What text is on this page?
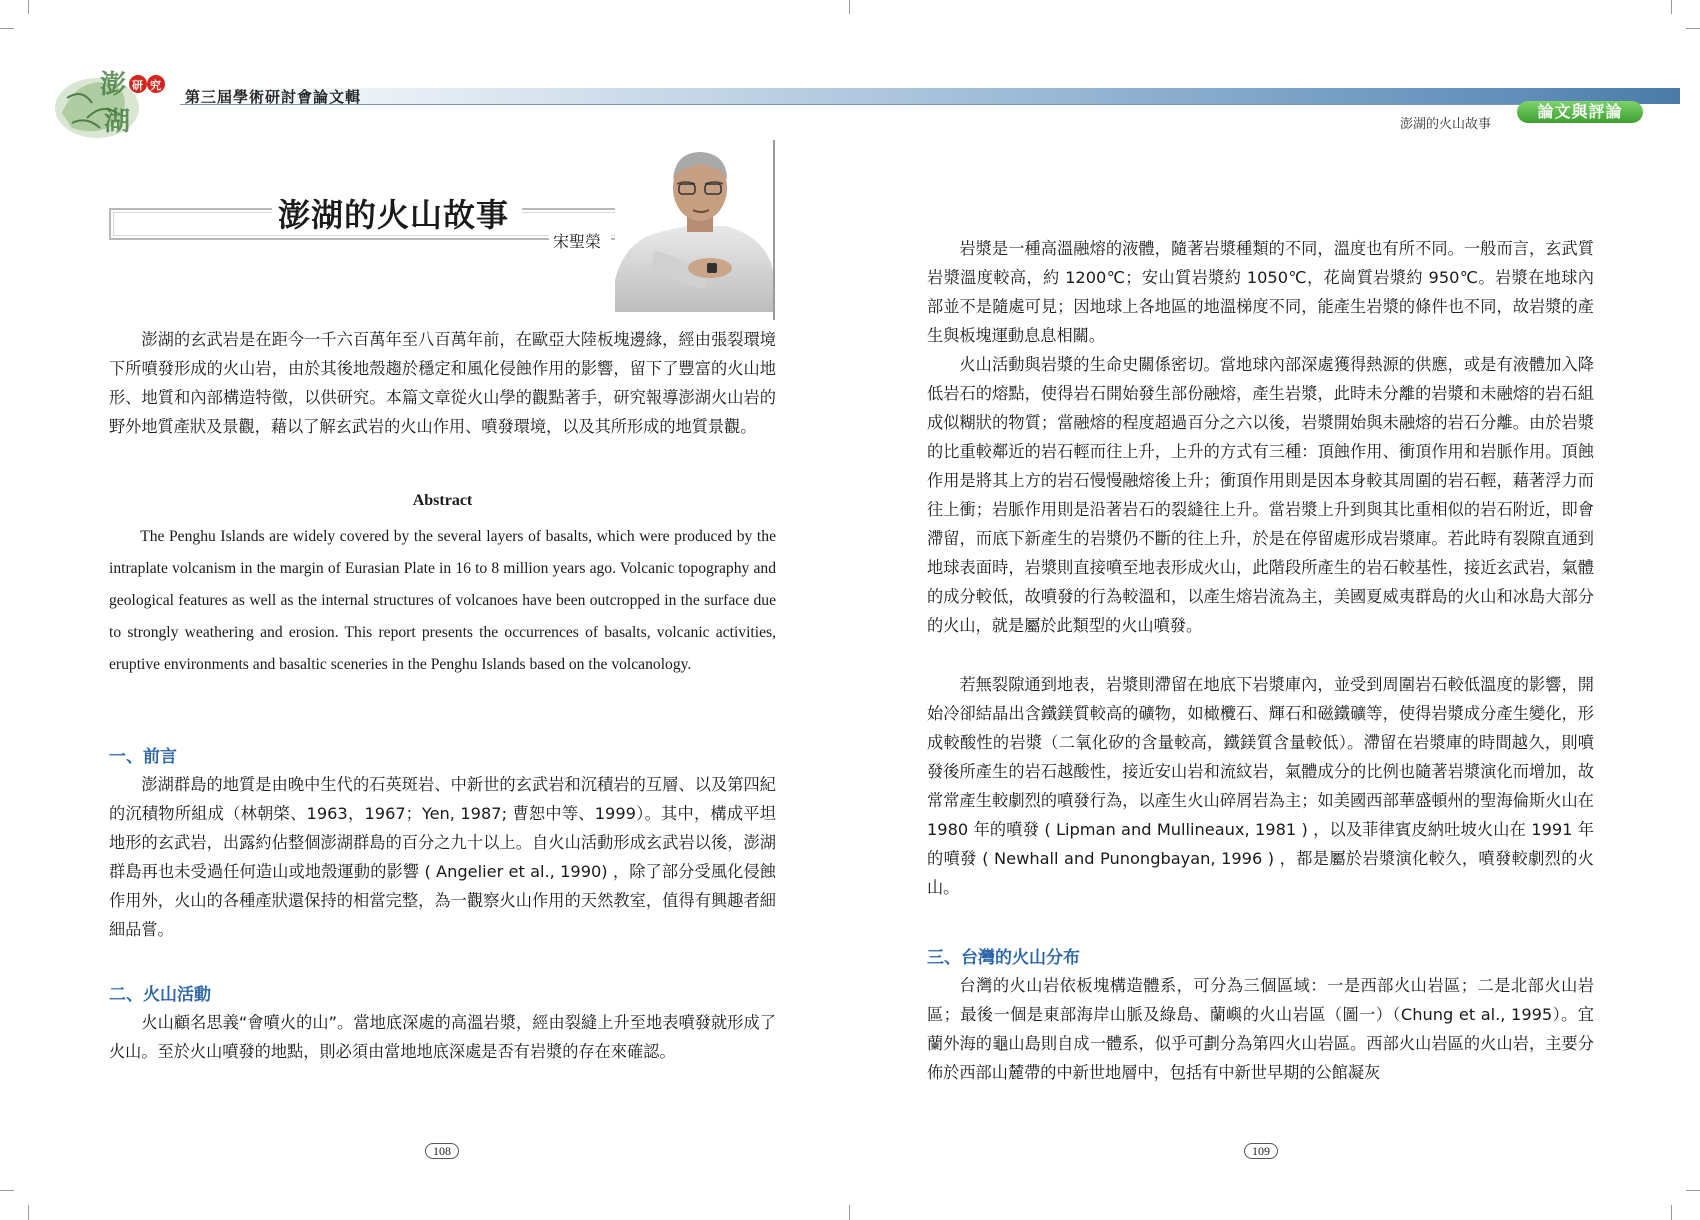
澎
湖
研 究
第三屆學術研討會論文輯
澎湖的火山故事
論文與評論
澎湖的火山故事
宋聖榮
澎湖的玄武岩是在距今一千六百萬年至八百萬年前，在歐亞大陸板塊邊緣，經由張裂環境下所噴發形成的火山岩，由於其後地殼趨於穩定和風化侵蝕作用的影響，留下了豐富的火山地形、地質和內部構造特徵，以供研究。本篇文章從火山學的觀點著手，研究報導澎湖火山岩的野外地質產狀及景觀，藉以了解玄武岩的火山作用、噴發環境，以及其所形成的地質景觀。
Abstract
The Penghu Islands are widely covered by the several layers of basalts, which were produced by the intraplate volcanism in the margin of Eurasian Plate in 16 to 8 million years ago. Volcanic topography and geological features as well as the internal structures of volcanoes have been outcropped in the surface due to strongly weathering and erosion. This report presents the occurrences of basalts, volcanic activities, eruptive environments and basaltic sceneries in the Penghu Islands based on the volcanology.
一、前言
澎湖群島的地質是由晚中生代的石英斑岩、中新世的玄武岩和沉積岩的互層、以及第四紀的沉積物所組成（林朝棨、1963，1967；Yen, 1987; 曹恕中等、1999）。其中，構成平坦地形的玄武岩，出露約佔整個澎湖群島的百分之九十以上。自火山活動形成玄武岩以後，澎湖群島再也未受過任何造山或地殼運動的影響 ( Angelier et al., 1990) ，除了部分受風化侵蝕作用外，火山的各種產狀還保持的相當完整，為一觀察火山作用的天然教室，值得有興趣者細細品嘗。
二、火山活動
火山顧名思義“會噴火的山”。當地底深處的高溫岩漿，經由裂縫上升至地表噴發就形成了火山。至於火山噴發的地點，則必須由當地地底深處是否有岩漿的存在來確認。
岩漿是一種高溫融熔的液體，隨著岩漿種類的不同，溫度也有所不同。一般而言，玄武質岩漿溫度較高，約 1200℃；安山質岩漿約 1050℃，花崗質岩漿約 950℃。岩漿在地球內部並不是隨處可見；因地球上各地區的地溫梯度不同，能產生岩漿的條件也不同，故岩漿的產生與板塊運動息息相關。
火山活動與岩漿的生命史關係密切。當地球內部深處獲得熱源的供應，或是有液體加入降低岩石的熔點，使得岩石開始發生部份融熔，產生岩漿，此時未分離的岩漿和未融熔的岩石組成似糊狀的物質；當融熔的程度超過百分之六以後，岩漿開始與未融熔的岩石分離。由於岩漿的比重較鄰近的岩石輕而往上升，上升的方式有三種：頂蝕作用、衝頂作用和岩脈作用。頂蝕作用是將其上方的岩石慢慢融熔後上升；衝頂作用則是因本身較其周圍的岩石輕，藉著浮力而往上衝；岩脈作用則是沿著岩石的裂縫往上升。當岩漿上升到與其比重相似的岩石附近，即會滯留，而底下新產生的岩漿仍不斷的往上升，於是在停留處形成岩漿庫。若此時有裂隙直通到地球表面時，岩漿則直接噴至地表形成火山，此階段所產生的岩石較基性，接近玄武岩，氣體的成分較低，故噴發的行為較溫和，以產生熔岩流為主，美國夏威夷群島的火山和冰島大部分的火山，就是屬於此類型的火山噴發。
若無裂隙通到地表，岩漿則滯留在地底下岩漿庫內，並受到周圍岩石較低溫度的影響，開始冷卻結晶出含鐵鎂質較高的礦物，如橄欖石、輝石和磁鐵礦等，使得岩漿成分產生變化，形成較酸性的岩漿（二氧化矽的含量較高，鐵鎂質含量較低）。滯留在岩漿庫的時間越久，則噴發後所產生的岩石越酸性，接近安山岩和流紋岩，氣體成分的比例也隨著岩漿演化而增加，故常常產生較劇烈的噴發行為，以產生火山碎屑岩為主；如美國西部華盛頓州的聖海倫斯火山在 1980 年的噴發 ( Lipman and Mullineaux, 1981 ) ，以及菲律賓皮納吐坡火山在 1991 年的噴發 ( Newhall and Punongbayan, 1996 ) ，都是屬於岩漿演化較久，噴發較劇烈的火山。
三、台灣的火山分布
台灣的火山岩依板塊構造體系，可分為三個區域：一是西部火山岩區；二是北部火山岩區；最後一個是東部海岸山脈及綠島、蘭嶼的火山岩區（圖一）（Chung et al., 1995）。宜蘭外海的龜山島則自成一體系，似乎可劃分為第四火山岩區。西部火山岩區的火山岩，主要分佈於西部山麓帶的中新世地層中，包括有中新世早期的公館凝灰
108	109
